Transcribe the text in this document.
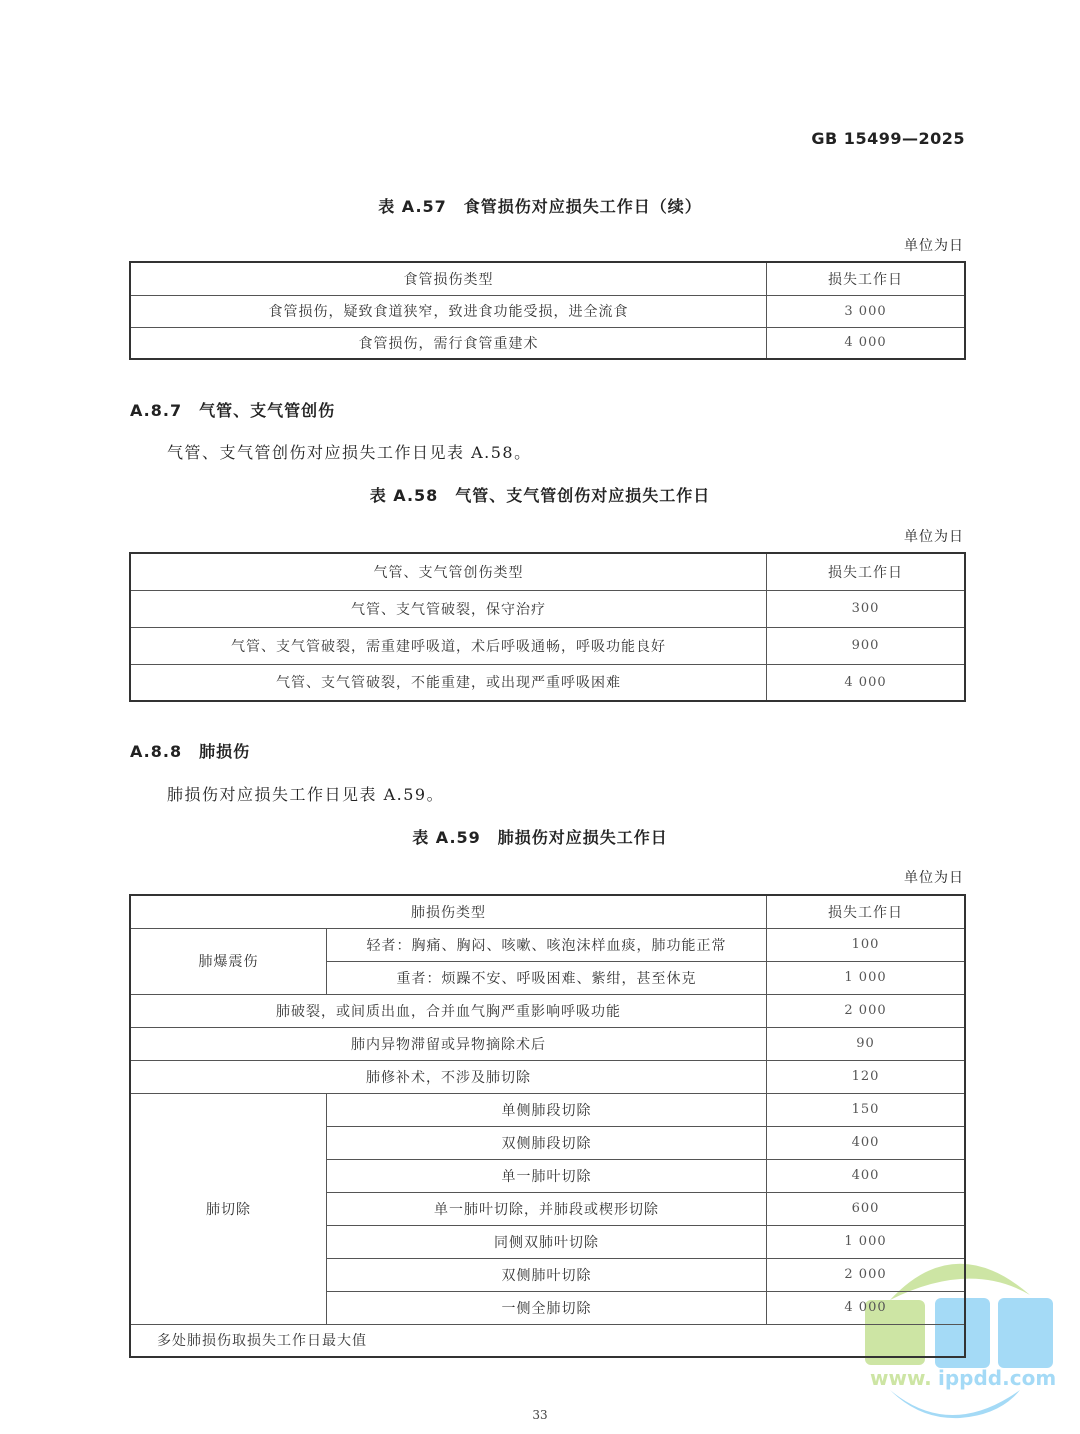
GB 15499—2025
表 A.57　食管损伤对应损失工作日（续）
单位为日
食管损伤类型	损失工作日
食管损伤，疑致食道狭窄，致进食功能受损，进全流食	3 000
食管损伤，需行食管重建术	4 000
A.8.7　气管、支气管创伤
气管、支气管创伤对应损失工作日见表 A.58。
表 A.58　气管、支气管创伤对应损失工作日
单位为日
气管、支气管创伤类型	损失工作日
气管、支气管破裂，保守治疗	300
气管、支气管破裂，需重建呼吸道，术后呼吸通畅，呼吸功能良好	900
气管、支气管破裂，不能重建，或出现严重呼吸困难	4 000
A.8.8　肺损伤
肺损伤对应损失工作日见表 A.59。
表 A.59　肺损伤对应损失工作日
单位为日
肺损伤类型		损失工作日
肺爆震伤	轻者：胸痛、胸闷、咳嗽、咳泡沫样血痰，肺功能正常	100
	重者：烦躁不安、呼吸困难、紫绀，甚至休克	1 000
肺破裂，或间质出血，合并血气胸严重影响呼吸功能		2 000
肺内异物滞留或异物摘除术后		90
肺修补术，不涉及肺切除		120
肺切除	单侧肺段切除	150
	双侧肺段切除	400
	单一肺叶切除	400
	单一肺叶切除，并肺段或楔形切除	600
	同侧双肺叶切除	1 000
	双侧肺叶切除	2 000
	一侧全肺切除	4 000
多处肺损伤取损失工作日最大值		
33
www. ippdd.com
